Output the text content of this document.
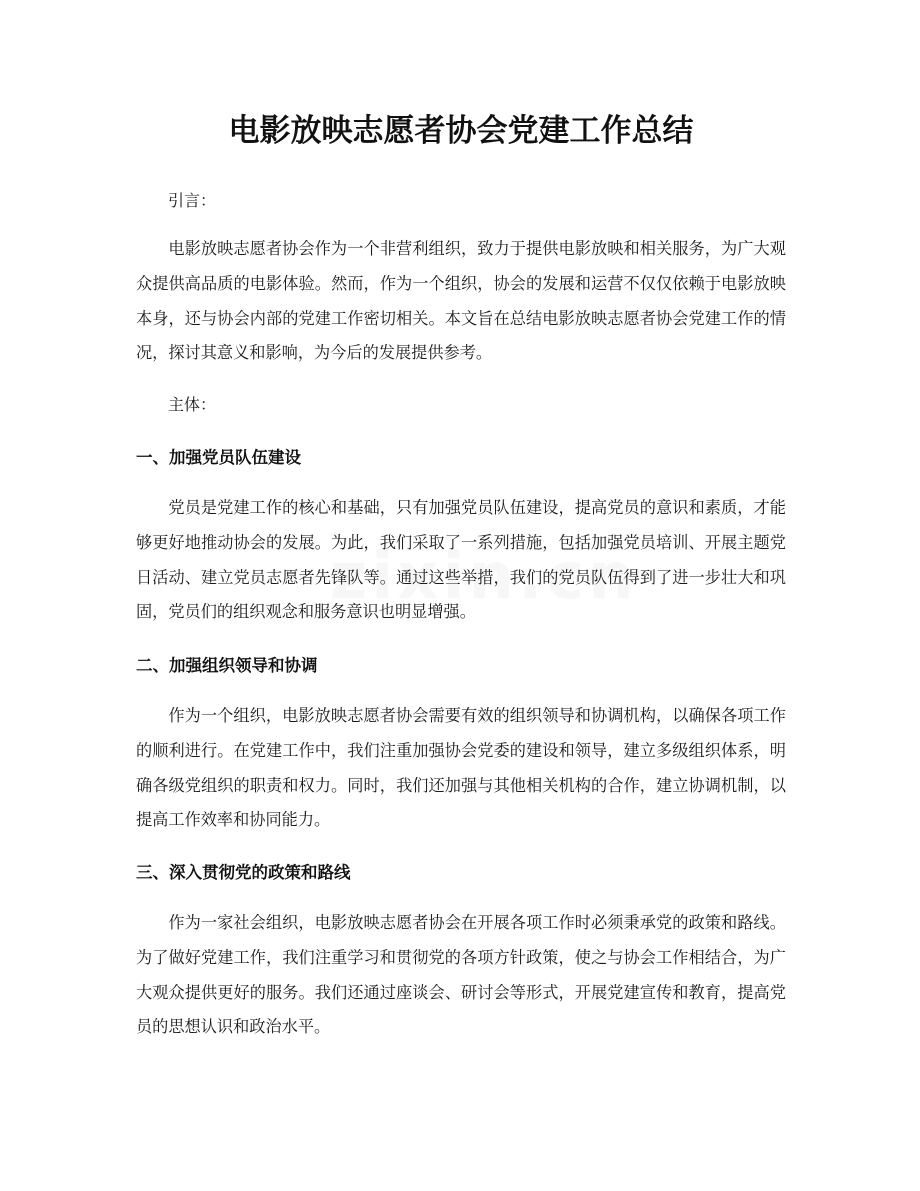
电影放映志愿者协会党建工作总结

引言：

电影放映志愿者协会作为一个非营利组织，致力于提供电影放映和相关服务，为广大观众提供高品质的电影体验。然而，作为一个组织，协会的发展和运营不仅仅依赖于电影放映本身，还与协会内部的党建工作密切相关。本文旨在总结电影放映志愿者协会党建工作的情况，探讨其意义和影响，为今后的发展提供参考。

主体：

一、加强党员队伍建设

党员是党建工作的核心和基础，只有加强党员队伍建设，提高党员的意识和素质，才能够更好地推动协会的发展。为此，我们采取了一系列措施，包括加强党员培训、开展主题党日活动、建立党员志愿者先锋队等。通过这些举措，我们的党员队伍得到了进一步壮大和巩固，党员们的组织观念和服务意识也明显增强。

二、加强组织领导和协调

作为一个组织，电影放映志愿者协会需要有效的组织领导和协调机构，以确保各项工作的顺利进行。在党建工作中，我们注重加强协会党委的建设和领导，建立多级组织体系，明确各级党组织的职责和权力。同时，我们还加强与其他相关机构的合作，建立协调机制，以提高工作效率和协同能力。

三、深入贯彻党的政策和路线

作为一家社会组织，电影放映志愿者协会在开展各项工作时必须秉承党的政策和路线。为了做好党建工作，我们注重学习和贯彻党的各项方针政策，使之与协会工作相结合，为广大观众提供更好的服务。我们还通过座谈会、研讨会等形式，开展党建宣传和教育，提高党员的思想认识和政治水平。
